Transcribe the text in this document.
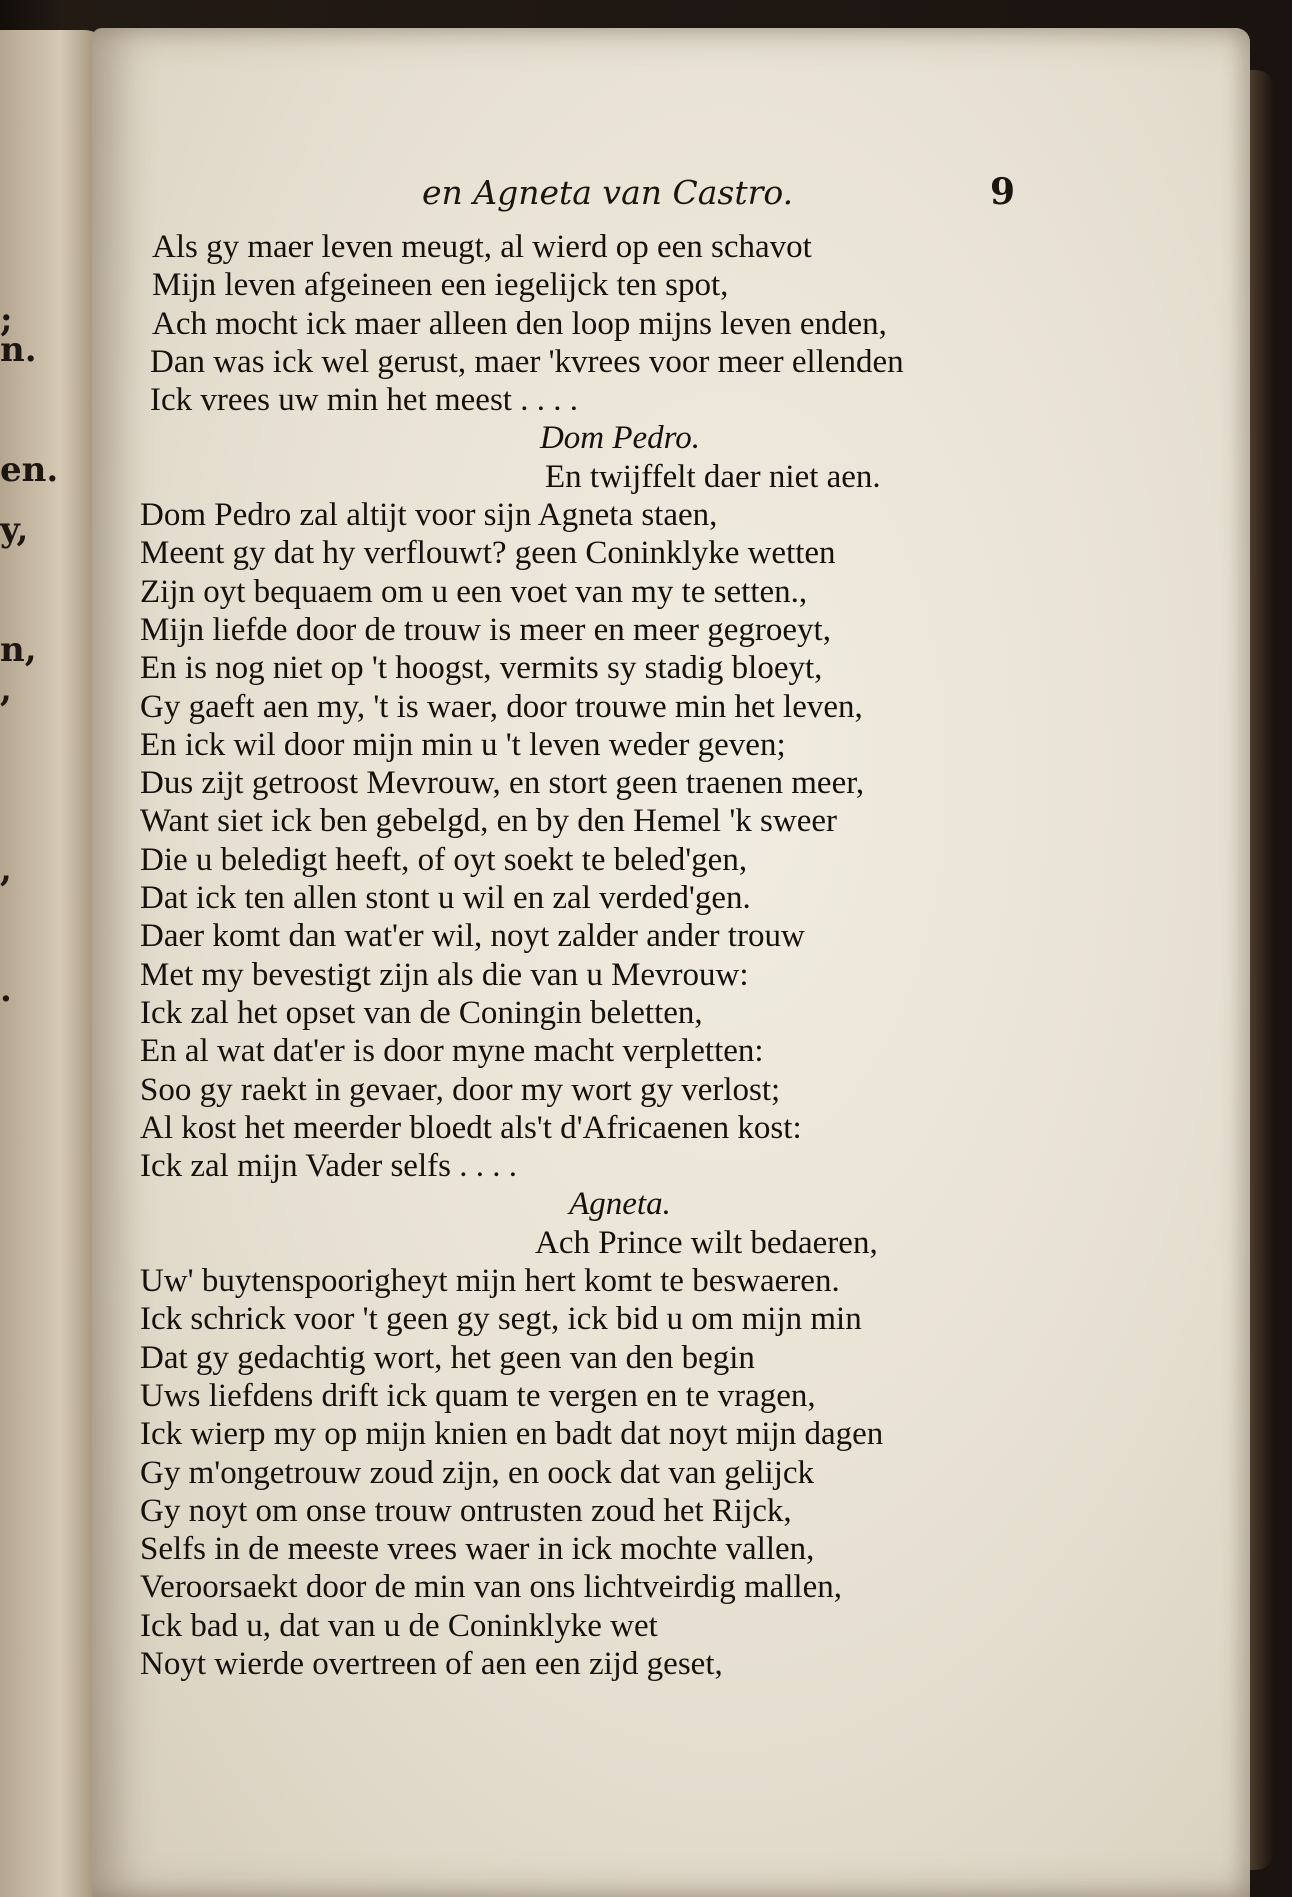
;
n.
en.
y,
n,
,
,
.
en Agneta van Castro.	9
Als gy maer leven meugt, al wierd op een schavot
Mijn leven afgeineen een iegelijck ten spot,
Ach mocht ick maer alleen den loop mijns leven enden,
Dan was ick wel gerust, maer 'kvrees voor meer ellenden
Ick vrees uw min het meest . . . .
Dom Pedro.
En twijffelt daer niet aen.
Dom Pedro zal altijt voor sijn Agneta staen,
Meent gy dat hy verflouwt? geen Coninklyke wetten
Zijn oyt bequaem om u een voet van my te setten.,
Mijn liefde door de trouw is meer en meer gegroeyt,
En is nog niet op 't hoogst, vermits sy stadig bloeyt,
Gy gaeft aen my, 't is waer, door trouwe min het leven,
En ick wil door mijn min u 't leven weder geven;
Dus zijt getroost Mevrouw, en stort geen traenen meer,
Want siet ick ben gebelgd, en by den Hemel 'k sweer
Die u beledigt heeft, of oyt soekt te beled'gen,
Dat ick ten allen stont u wil en zal verded'gen.
Daer komt dan wat'er wil, noyt zalder ander trouw
Met my bevestigt zijn als die van u Mevrouw:
Ick zal het opset van de Coningin beletten,
En al wat dat'er is door myne macht verpletten:
Soo gy raekt in gevaer, door my wort gy verlost;
Al kost het meerder bloedt als't d'Africaenen kost:
Ick zal mijn Vader selfs . . . .
Agneta.
Ach Prince wilt bedaeren,
Uw' buytenspoorigheyt mijn hert komt te beswaeren.
Ick schrick voor 't geen gy segt, ick bid u om mijn min
Dat gy gedachtig wort, het geen van den begin
Uws liefdens drift ick quam te vergen en te vragen,
Ick wierp my op mijn knien en badt dat noyt mijn dagen
Gy m'ongetrouw zoud zijn, en oock dat van gelijck
Gy noyt om onse trouw ontrusten zoud het Rijck,
Selfs in de meeste vrees waer in ick mochte vallen,
Veroorsaekt door de min van ons lichtveirdig mallen,
Ick bad u, dat van u de Coninklyke wet
Noyt wierde overtreen of aen een zijd geset,
